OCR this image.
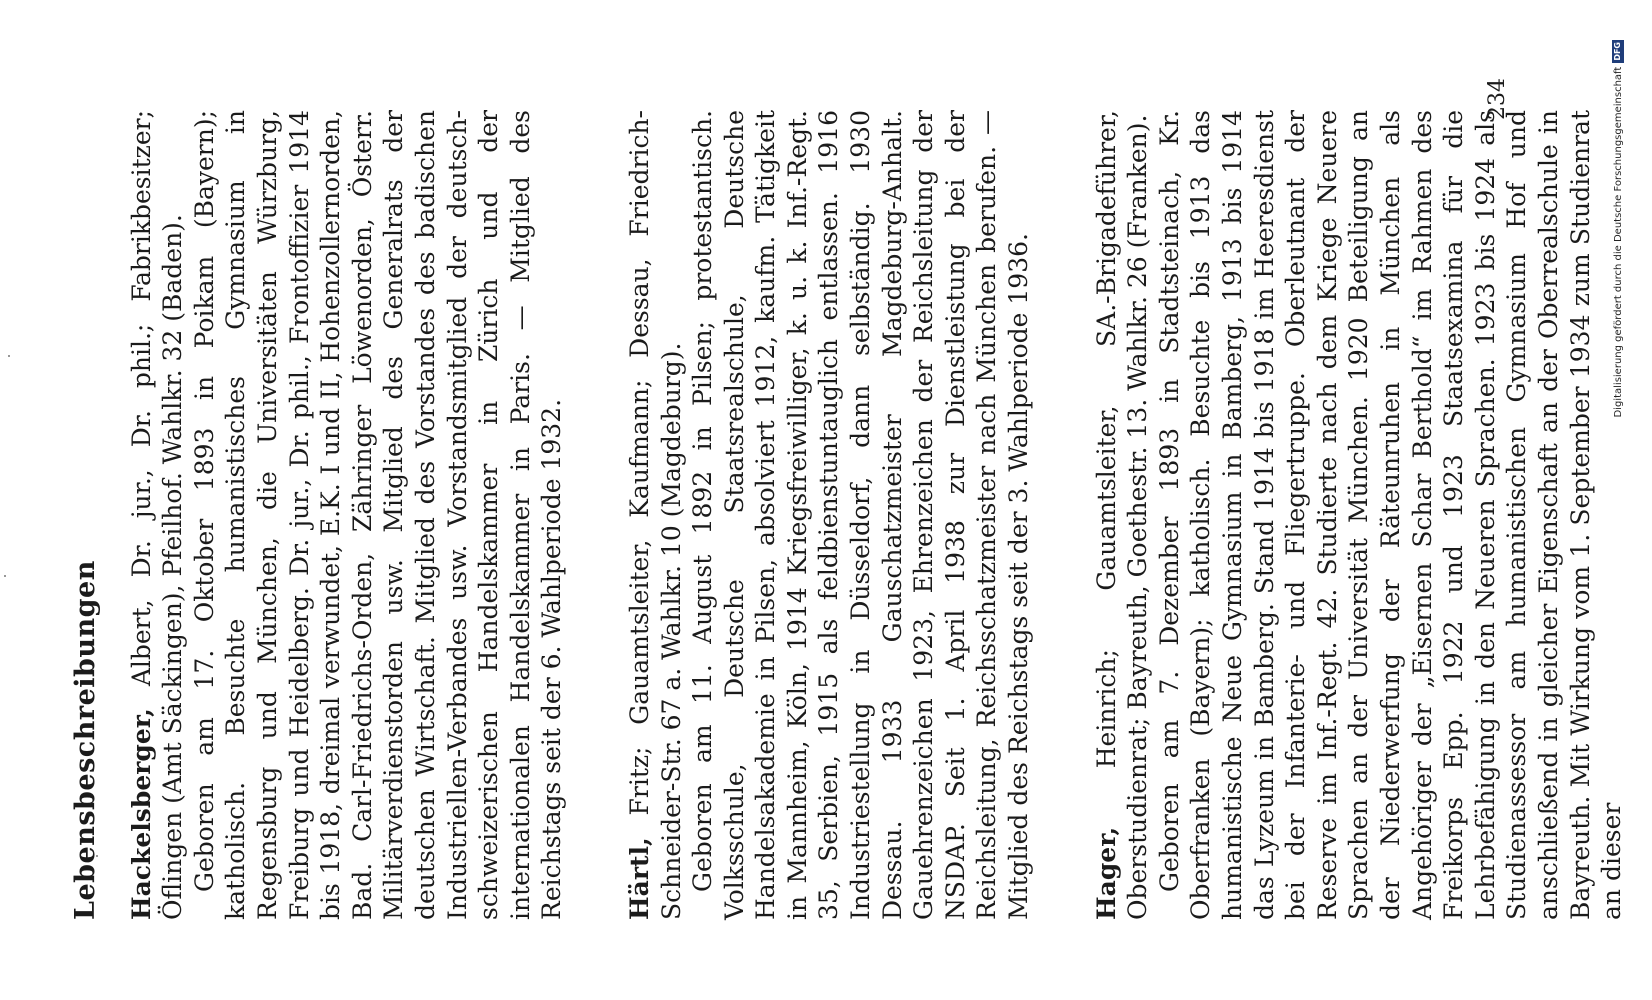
Lebensbeschreibungen Hackelsberger, Albert, Dr. jur., Dr. phil.; Fabrikbesitzer; Öflingen (Amt Säckingen), Pfeilhof. Wahlkr. 32 (Baden). Geboren am 17. Oktober 1893 in Poikam (Bayern); katholisch. Besuchte humanistisches Gymnasium in Regensburg und München, die Universitäten Würzburg, Freiburg und Heidelberg. Dr. jur., Dr. phil., Frontoffizier 1914 bis 1918, dreimal verwundet, E.K. I und II, Hohenzollernorden, Bad. Carl-Friedrichs-Orden, Zähringer Löwenorden, Österr. Militärverdienstorden usw. Mitglied des Generalrats der deutschen Wirtschaft. Mitglied des Vorstandes des badischen Industriellen-Verbandes usw. Vorstandsmitglied der deutsch-schweizerischen Handelskammer in Zürich und der internationalen Handelskammer in Paris. — Mitglied des Reichstags seit der 6. Wahlperiode 1932. Härtl, Fritz; Gauamtsleiter, Kaufmann; Dessau, Friedrich-Schneider-Str. 67 a. Wahlkr. 10 (Magdeburg). Geboren am 11. August 1892 in Pilsen; protestantisch. Volksschule, Deutsche Staatsrealschule, Deutsche Handelsakademie in Pilsen, absolviert 1912, kaufm. Tätigkeit in Mannheim, Köln, 1914 Kriegsfreiwilliger, k. u. k. Inf.-Regt. 35, Serbien, 1915 als feldbienstuntauglich entlassen. 1916 Industriestellung in Düsseldorf, dann selbständig. 1930 Dessau. 1933 Gauschatzmeister Magdeburg-Anhalt. Gauehrenzeichen 1923, Ehrenzeichen der Reichsleitung der NSDAP. Seit 1. April 1938 zur Dienstleistung bei der Reichsleitung, Reichsschatzmeister nach München berufen. — Mitglied des Reichstags seit der 3. Wahlperiode 1936. Hager, Heinrich; Gauamtsleiter, SA.-Brigadeführer, Oberstudienrat; Bayreuth, Goethestr. 13. Wahlkr. 26 (Franken). Geboren am 7. Dezember 1893 in Stadtsteinach, Kr. Oberfranken (Bayern); katholisch. Besuchte bis 1913 das humanistische Neue Gymnasium in Bamberg, 1913 bis 1914 das Lyzeum in Bamberg. Stand 1914 bis 1918 im Heeresdienst bei der Infanterie- und Fliegertruppe. Oberleutnant der Reserve im Inf.-Regt. 42. Studierte nach dem Kriege Neuere Sprachen an der Universität München. 1920 Beteiligung an der Niederwerfung der Räteunruhen in München als Angehöriger der „Eisernen Schar Berthold“ im Rahmen des Freikorps Epp. 1922 und 1923 Staatsexamina für die Lehrbefähigung in den Neueren Sprachen. 1923 bis 1924 als Studienassessor am humanistischen Gymnasium Hof und anschließend in gleicher Eigenschaft an der Oberrealschule in Bayreuth. Mit Wirkung vom 1. September 1934 zum Studienrat an dieser

234	Digitalisierung gefördert durch die Deutsche Forschungsgemeinschaft
DFG
